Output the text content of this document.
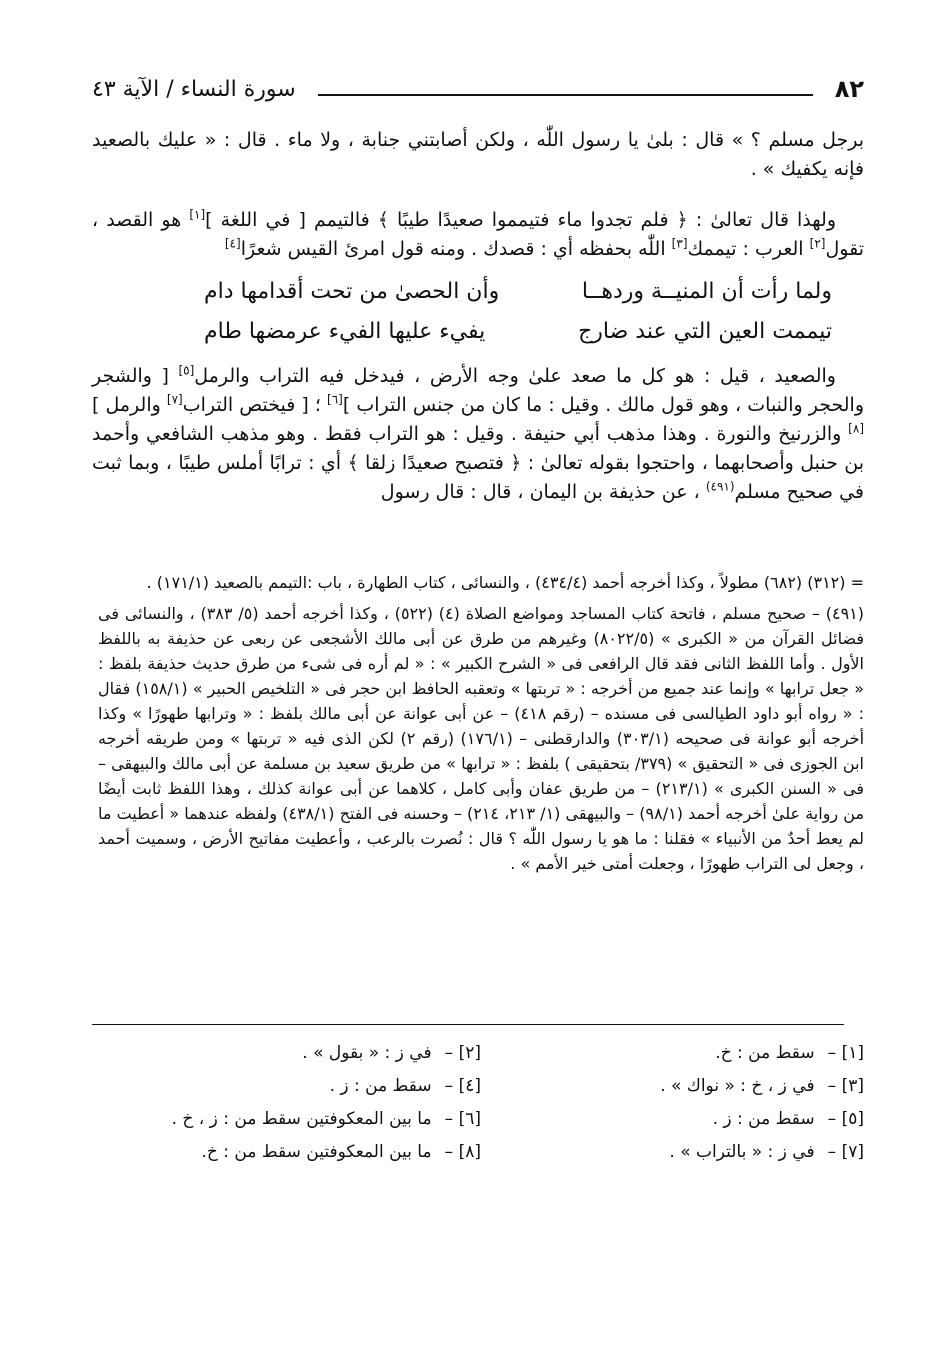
سورة النساء / الآية ٤٣	٨٢

برجل مسلم ؟ » قال : بلىٰ يا رسول اللّٰه ، ولكن أصابتني جنابة ، ولا ماء . قال : « عليك بالصعيد فإنه يكفيك » .

ولهذا قال تعالىٰ : ﴿ فلم تجدوا ماء فتيمموا صعيدًا طيبًا ﴾ فالتيمم [ في اللغة ][١] هو القصد ، تقول[٢] العرب : تيممك[٣] اللّٰه بحفظه أي : قصدك . ومنه قول امرئ القيس شعرًا[٤]

ولما رأت أن المنيــة وردهــا
وأن الحصىٰ من تحت أقدامها دام
تيممت العين التي عند ضارج
يفيء عليها الفيء عرمضها طام

والصعيد ، قيل : هو كل ما صعد علىٰ وجه الأرض ، فيدخل فيه التراب والرمل[٥] [ والشجر والحجر والنبات ، وهو قول مالك . وقيل : ما كان من جنس التراب ][٦] ؛ [ فيختص التراب[٧] والرمل ][٨] والزرنيخ والنورة . وهذا مذهب أبي حنيفة . وقيل : هو التراب فقط . وهو مذهب الشافعي وأحمد بن حنبل وأصحابهما ، واحتجوا بقوله تعالىٰ : ﴿ فتصبح صعيدًا زلقا ﴾ أي : ترابًا أملس طيبًا ، وبما ثبت في صحيح مسلم$^{(٤٩١)}$ ، عن حذيفة بن اليمان ، قال : قال رسول

= (٣١٢) (٦٨٢) مطولاً ، وكذا أخرجه أحمد (٤٣٤/٤) ، والنسائى ، كتاب الطهارة ، باب :التيمم بالصعيد (١٧١/١) .

(٤٩١) – صحيح مسلم ، فاتحة كتاب المساجد ومواضع الصلاة (٤) (٥٢٢) ، وكذا أخرجه أحمد (٥/ ٣٨٣) ، والنسائى فى فضائل القرآن من « الكبرى » (٨٠٢٢/٥) وغيرهم من طرق عن أبى مالك الأشجعى عن ربعى عن حذيفة به باللفظ الأول . وأما اللفظ الثانى فقد قال الرافعى فى « الشرح الكبير » : « لم أره فى شىء من طرق حديث حذيفة بلفظ : « جعل ترابها » وإنما عند جميع من أخرجه : « تربتها » وتعقبه الحافظ ابن حجر فى « التلخيص الحبير » (١٥٨/١) فقال : « رواه أبو داود الطيالسى فى مسنده – (رقم ٤١٨) – عن أبى عوانة عن أبى مالك بلفظ : « وترابها طهورًا » وكذا أخرجه أبو عوانة فى صحيحه (٣٠٣/١) والدارقطنى – (١٧٦/١) (رقم ٢) لكن الذى فيه « تربتها » ومن طريقه أخرجه ابن الجوزى فى « التحقيق » (٣٧٩/ بتحقيقى ) بلفظ : « ترابها » من طريق سعيد بن مسلمة عن أبى مالك والبيهقى – فى « السنن الكبرى » (٢١٣/١) – من طريق عفان وأبى كامل ، كلاهما عن أبى عوانة كذلك ، وهذا اللفظ ثابت أيضًا من رواية علىٰ أخرجه أحمد (٩٨/١) – والبيهقى (١/ ٢١٣، ٢١٤) – وحسنه فى الفتح (٤٣٨/١) ولفظه عندهما « أعطيت ما لم يعط أحدٌ من الأنبياء » فقلنا : ما هو يا رسول اللّٰه ؟ قال : نُصرت بالرعب ، وأعطيت مفاتيح الأرض ، وسميت أحمد ، وجعل لى التراب طهورًا ، وجعلت أمتى خير الأمم » .

[١] – سقط من : خ.
[٢] – في ز : « بقول » .
[٣] – في ز ، خ : « نواك » .
[٤] – سقط من : ز .
[٥] – سقط من : ز .
[٦] – ما بين المعكوفتين سقط من : ز ، خ .
[٧] – في ز : « بالتراب » .
[٨] – ما بين المعكوفتين سقط من : خ.
